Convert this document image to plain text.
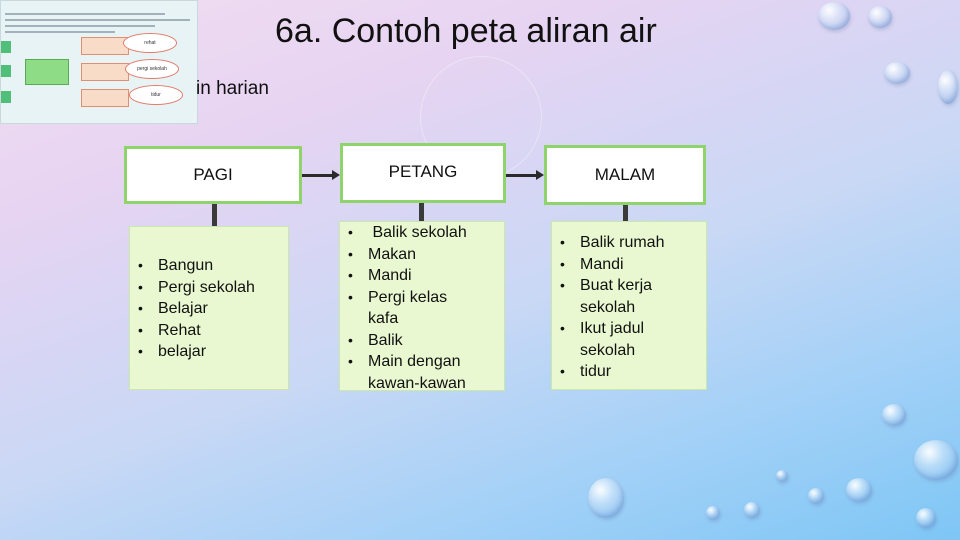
rehat
pergi sekolah
tidur
6a. Contoh peta aliran air
in harian
PAGI	PETANG	MALAM
• Bangun
• Pergi sekolah
• Belajar
• Rehat
• belajar
•  Balik sekolah
• Makan
• Mandi
• Pergi kelas kafa
• Balik
• Main dengan kawan-kawan
• Balik rumah
• Mandi
• Buat kerja sekolah
• Ikut jadul sekolah
• tidur
